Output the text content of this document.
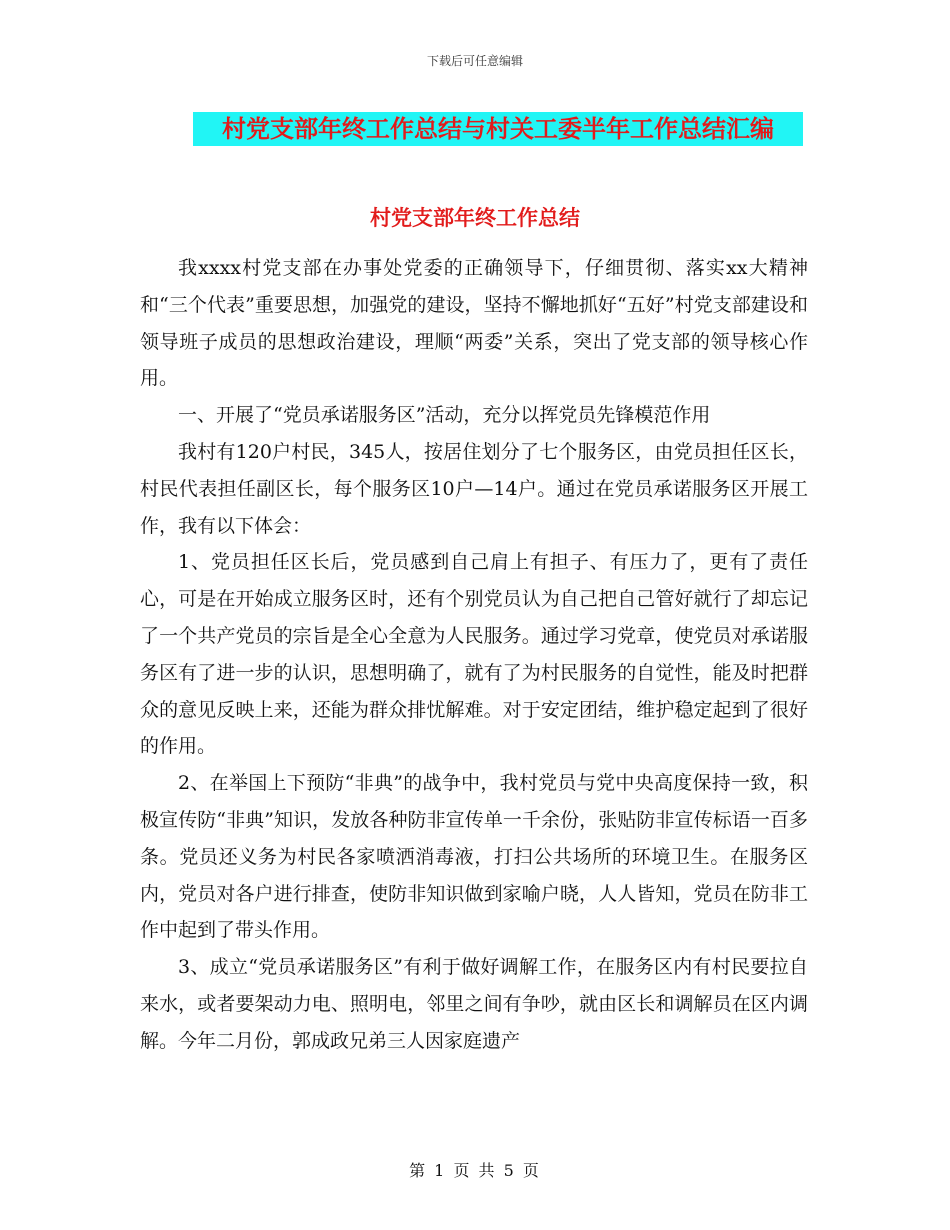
下载后可任意编辑
村党支部年终工作总结与村关工委半年工作总结汇编
村党支部年终工作总结

我xxxx村党支部在办事处党委的正确领导下，仔细贯彻、落实xx大精神和“三个代表”重要思想，加强党的建设，坚持不懈地抓好“五好”村党支部建设和领导班子成员的思想政治建设，理顺“两委”关系，突出了党支部的领导核心作用。

一、开展了“党员承诺服务区”活动，充分以挥党员先锋模范作用

我村有120户村民，345人，按居住划分了七个服务区，由党员担任区长，村民代表担任副区长，每个服务区10户—14户。通过在党员承诺服务区开展工作，我有以下体会：

1、党员担任区长后，党员感到自己肩上有担子、有压力了，更有了责任心，可是在开始成立服务区时，还有个别党员认为自己把自己管好就行了却忘记了一个共产党员的宗旨是全心全意为人民服务。通过学习党章，使党员对承诺服务区有了进一步的认识，思想明确了，就有了为村民服务的自觉性，能及时把群众的意见反映上来，还能为群众排忧解难。对于安定团结，维护稳定起到了很好的作用。

2、在举国上下预防“非典”的战争中，我村党员与党中央高度保持一致，积极宣传防“非典”知识，发放各种防非宣传单一千余份，张贴防非宣传标语一百多条。党员还义务为村民各家喷洒消毒液，打扫公共场所的环境卫生。在服务区内，党员对各户进行排查，使防非知识做到家喻户晓，人人皆知，党员在防非工作中起到了带头作用。

3、成立“党员承诺服务区”有利于做好调解工作，在服务区内有村民要拉自来水，或者要架动力电、照明电，邻里之间有争吵，就由区长和调解员在区内调解。今年二月份，郭成政兄弟三人因家庭遗产

第 1 页 共 5 页
